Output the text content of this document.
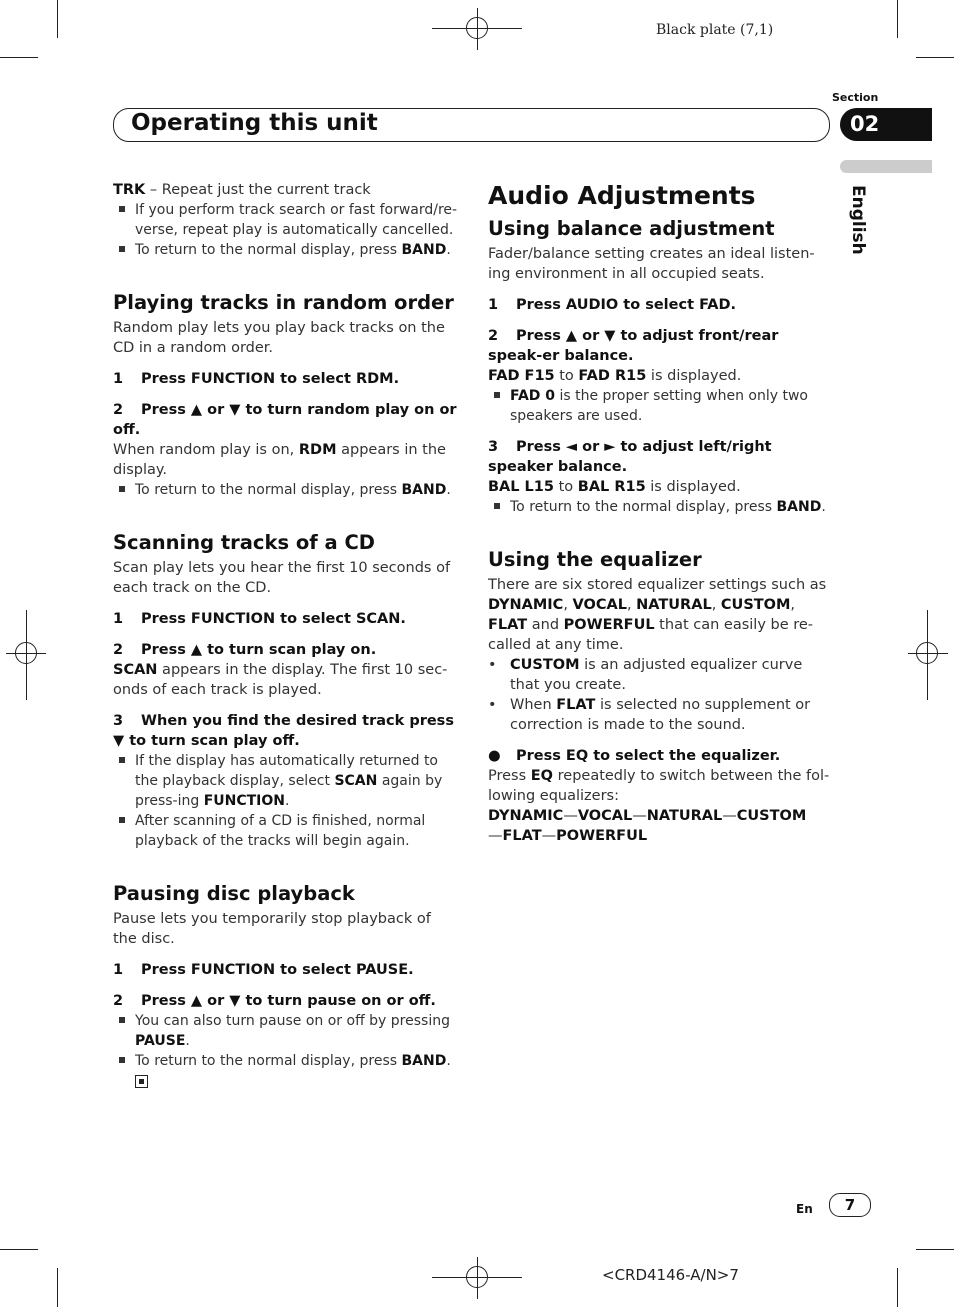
Black plate (7,1)
Section
Operating this unit	02
English

TRK – Repeat just the current track

If you perform track search or fast forward/re-verse, repeat play is automatically cancelled.

To return to the normal display, press BAND.

Playing tracks in random order

Random play lets you play back tracks on the CD in a random order.

1 Press FUNCTION to select RDM.

2 Press ▲ or ▼ to turn random play on or off.

When random play is on, RDM appears in the display.

To return to the normal display, press BAND.

Scanning tracks of a CD

Scan play lets you hear the first 10 seconds of each track on the CD.

1 Press FUNCTION to select SCAN.

2 Press ▲ to turn scan play on.

SCAN appears in the display. The first 10 sec-onds of each track is played.

3 When you find the desired track press ▼ to turn scan play off.

If the display has automatically returned to the playback display, select SCAN again by press-ing FUNCTION.

After scanning of a CD is finished, normal playback of the tracks will begin again.

Pausing disc playback

Pause lets you temporarily stop playback of the disc.

1 Press FUNCTION to select PAUSE.

2 Press ▲ or ▼ to turn pause on or off.

You can also turn pause on or off by pressing PAUSE.

To return to the normal display, press BAND.

Audio Adjustments

Using balance adjustment

Fader/balance setting creates an ideal listen-ing environment in all occupied seats.

1 Press AUDIO to select FAD.

2 Press ▲ or ▼ to adjust front/rear speak-er balance.

FAD F15 to FAD R15 is displayed.

FAD 0 is the proper setting when only two speakers are used.

3 Press ◄ or ► to adjust left/right speaker balance.

BAL L15 to BAL R15 is displayed.

To return to the normal display, press BAND.

Using the equalizer

There are six stored equalizer settings such as DYNAMIC, VOCAL, NATURAL, CUSTOM, FLAT and POWERFUL that can easily be re-called at any time.

• CUSTOM is an adjusted equalizer curve that you create.

• When FLAT is selected no supplement or correction is made to the sound.

● Press EQ to select the equalizer.

Press EQ repeatedly to switch between the fol-lowing equalizers:

DYNAMIC—VOCAL—NATURAL—CUSTOM
—FLAT—POWERFUL

En	7
<CRD4146-A/N>7
